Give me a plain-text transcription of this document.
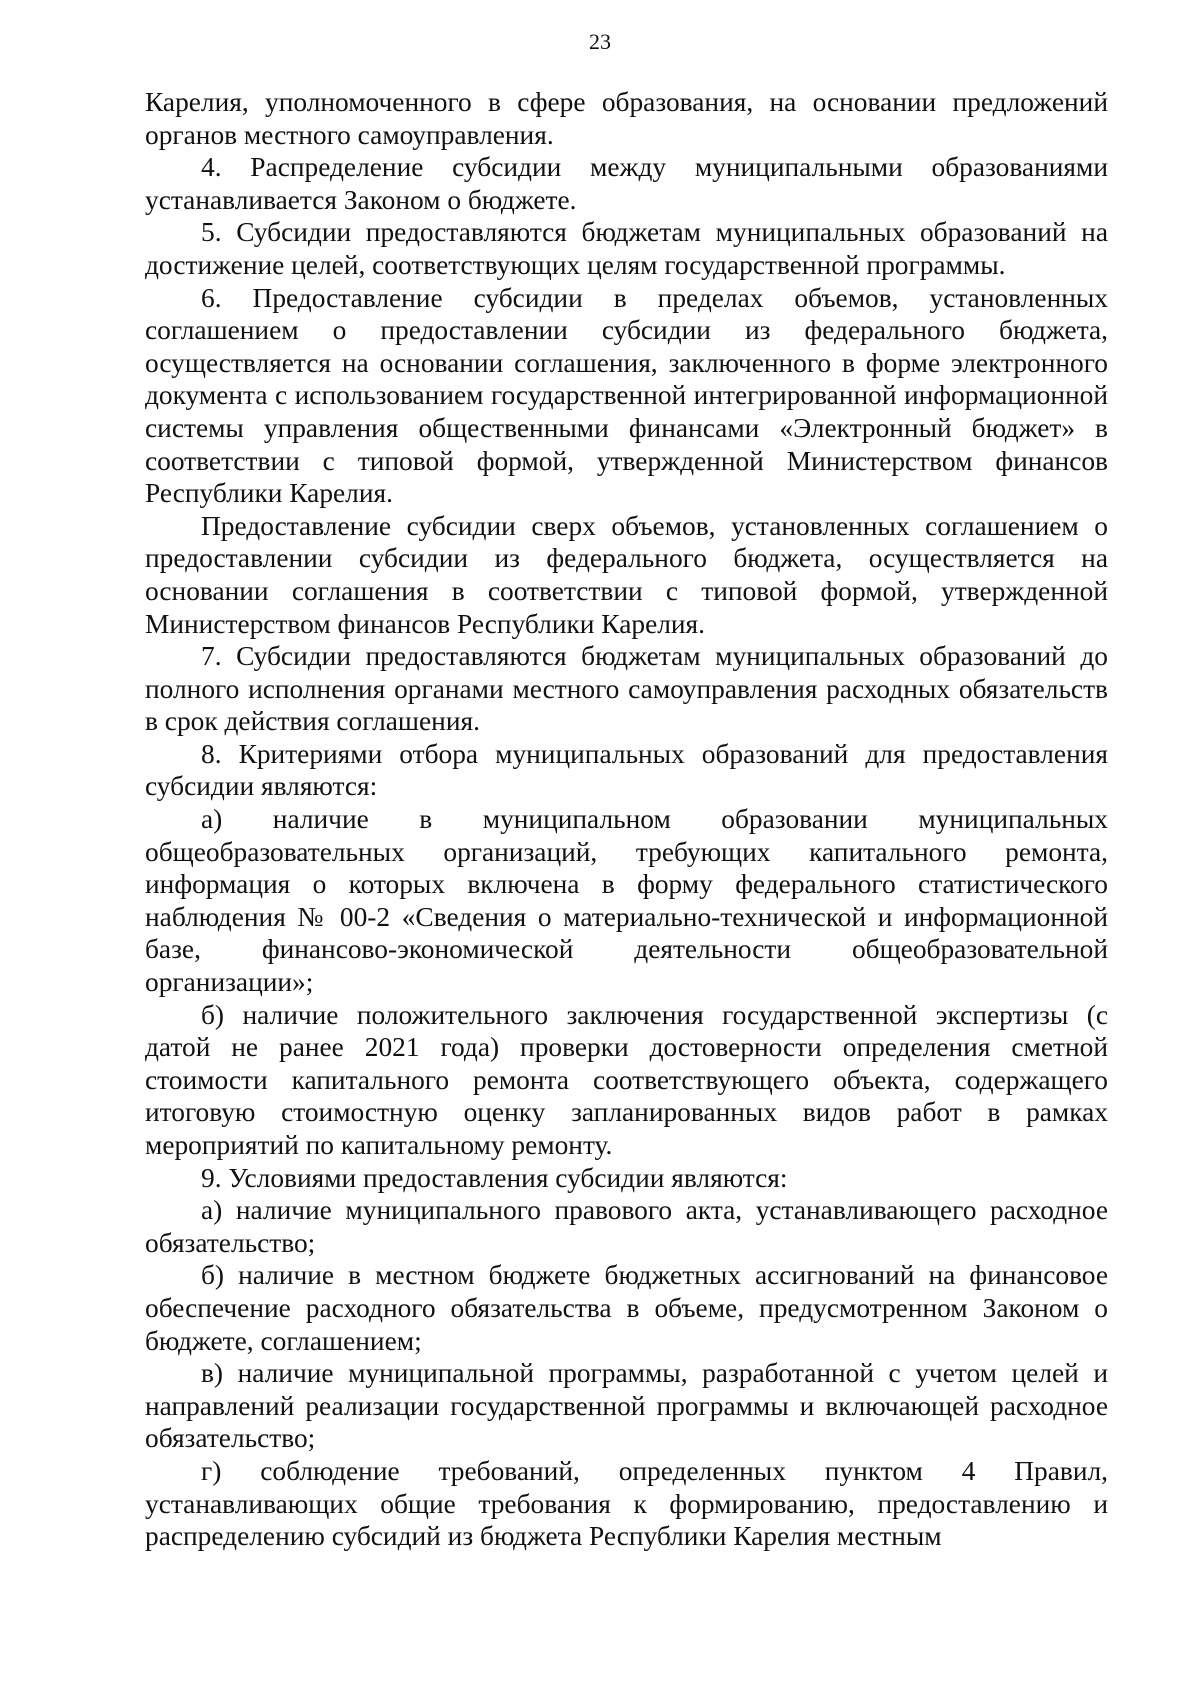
23

Карелия, уполномоченного в сфере образования, на основании предложений органов местного самоуправления.

4. Распределение субсидии между муниципальными образованиями устанавливается Законом о бюджете.

5. Субсидии предоставляются бюджетам муниципальных образований на достижение целей, соответствующих целям государственной программы.

6. Предоставление субсидии в пределах объемов, установленных соглашением о предоставлении субсидии из федерального бюджета, осуществляется на основании соглашения, заключенного в форме электронного документа с использованием государственной интегрированной информационной системы управления общественными финансами «Электронный бюджет» в соответствии с типовой формой, утвержденной Министерством финансов Республики Карелия.

Предоставление субсидии сверх объемов, установленных соглашением о предоставлении субсидии из федерального бюджета, осуществляется на основании соглашения в соответствии с типовой формой, утвержденной Министерством финансов Республики Карелия.

7. Субсидии предоставляются бюджетам муниципальных образований до полного исполнения органами местного самоуправления расходных обязательств в срок действия соглашения.

8. Критериями отбора муниципальных образований для предоставления субсидии являются:

а) наличие в муниципальном образовании муниципальных общеобразовательных организаций, требующих капитального ремонта, информация о которых включена в форму федерального статистического наблюдения № 00-2 «Сведения о материально-технической и информационной базе, финансово-экономической деятельности общеобразовательной организации»;

б) наличие положительного заключения государственной экспертизы (с датой не ранее 2021 года) проверки достоверности определения сметной стоимости капитального ремонта соответствующего объекта, содержащего итоговую стоимостную оценку запланированных видов работ в рамках мероприятий по капитальному ремонту.

9. Условиями предоставления субсидии являются:

а) наличие муниципального правового акта, устанавливающего расходное обязательство;

б) наличие в местном бюджете бюджетных ассигнований на финансовое обеспечение расходного обязательства в объеме, предусмотренном Законом о бюджете, соглашением;

в) наличие муниципальной программы, разработанной с учетом целей и направлений реализации государственной программы и включающей расходное обязательство;

г) соблюдение требований, определенных пунктом 4 Правил, устанавливающих общие требования к формированию, предоставлению и распределению субсидий из бюджета Республики Карелия местным
